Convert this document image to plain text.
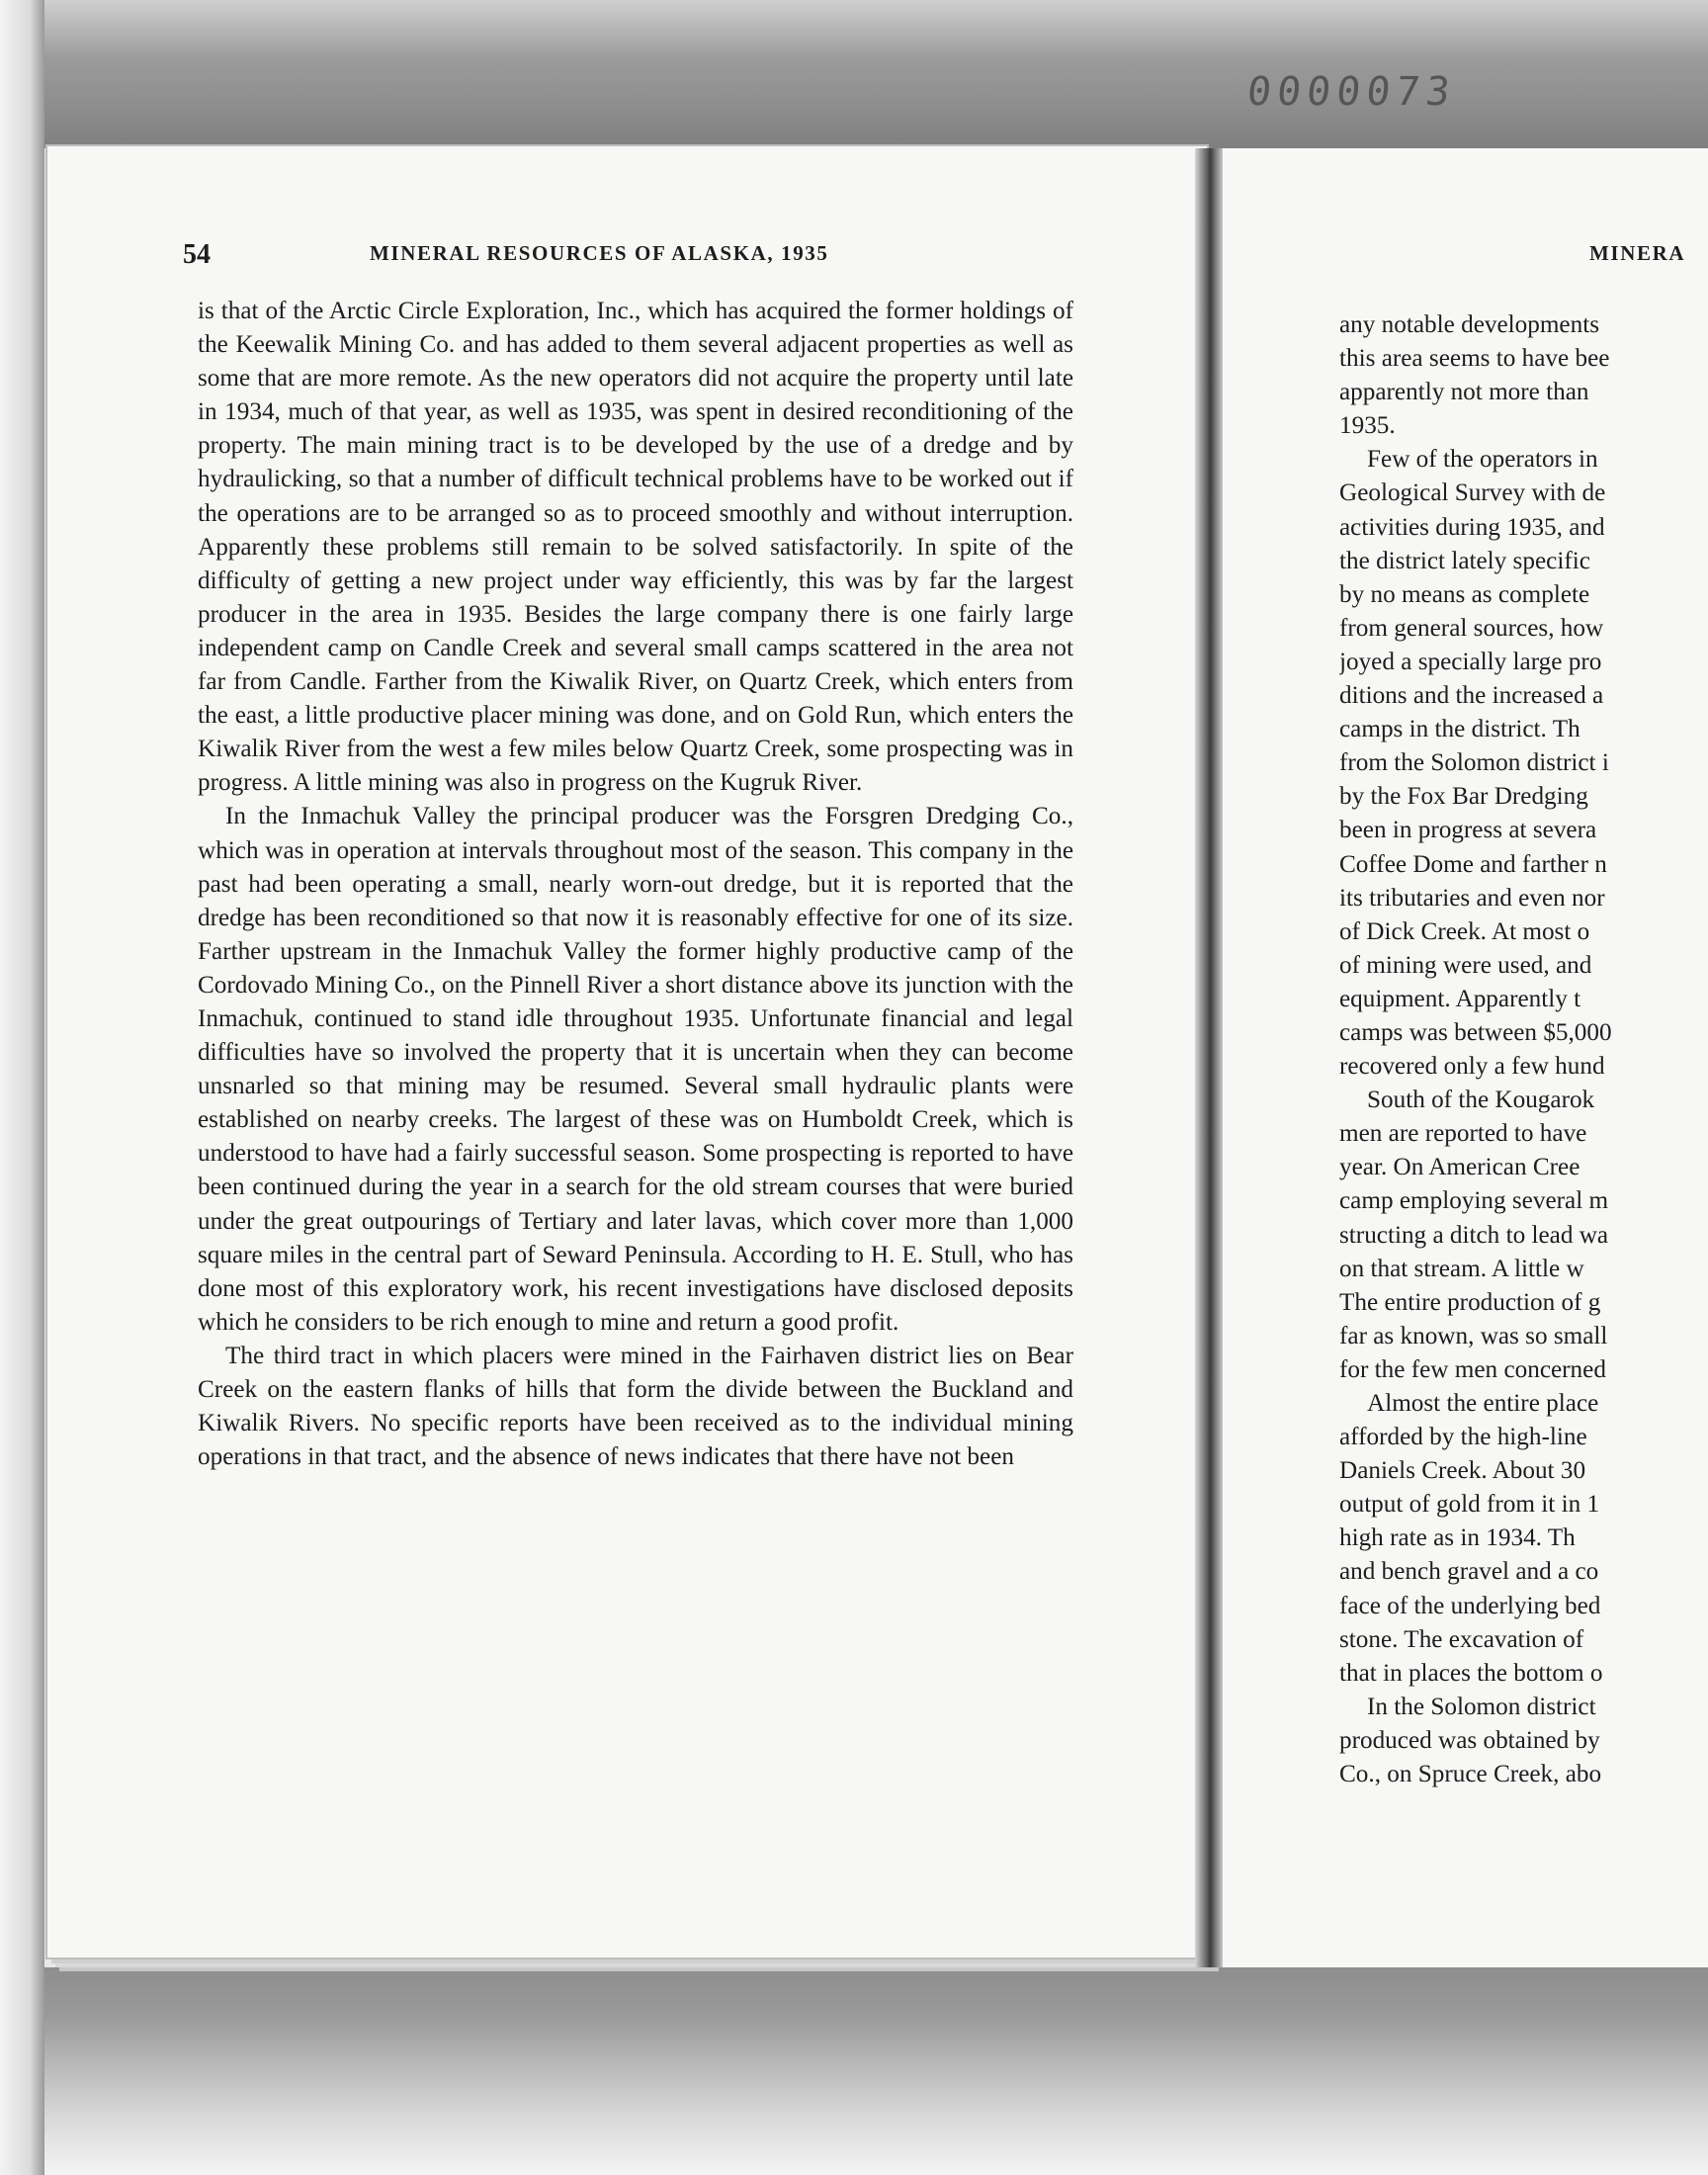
0000073
54	MINERAL RESOURCES OF ALASKA, 1935	MINERA

is that of the Arctic Circle Exploration, Inc., which has acquired the former holdings of the Keewalik Mining Co. and has added to them several adjacent properties as well as some that are more remote. As the new operators did not acquire the property until late in 1934, much of that year, as well as 1935, was spent in desired reconditioning of the property. The main mining tract is to be developed by the use of a dredge and by hydraulicking, so that a number of difficult technical problems have to be worked out if the operations are to be arranged so as to proceed smoothly and without interruption. Apparently these problems still remain to be solved satisfactorily. In spite of the difficulty of getting a new project under way efficiently, this was by far the largest producer in the area in 1935. Besides the large company there is one fairly large independent camp on Candle Creek and several small camps scattered in the area not far from Candle. Farther from the Kiwalik River, on Quartz Creek, which enters from the east, a little productive placer mining was done, and on Gold Run, which enters the Kiwalik River from the west a few miles below Quartz Creek, some prospecting was in progress. A little mining was also in progress on the Kugruk River.

In the Inmachuk Valley the principal producer was the Forsgren Dredging Co., which was in operation at intervals throughout most of the season. This company in the past had been operating a small, nearly worn-out dredge, but it is reported that the dredge has been reconditioned so that now it is reasonably effective for one of its size. Farther upstream in the Inmachuk Valley the former highly productive camp of the Cordovado Mining Co., on the Pinnell River a short distance above its junction with the Inmachuk, continued to stand idle throughout 1935. Unfortunate financial and legal difficulties have so involved the property that it is uncertain when they can become unsnarled so that mining may be resumed. Several small hydraulic plants were established on nearby creeks. The largest of these was on Humboldt Creek, which is understood to have had a fairly successful season. Some prospecting is reported to have been continued during the year in a search for the old stream courses that were buried under the great outpourings of Tertiary and later lavas, which cover more than 1,000 square miles in the central part of Seward Peninsula. According to H. E. Stull, who has done most of this exploratory work, his recent investigations have disclosed deposits which he considers to be rich enough to mine and return a good profit.

The third tract in which placers were mined in the Fairhaven district lies on Bear Creek on the eastern flanks of hills that form the divide between the Buckland and Kiwalik Rivers. No specific reports have been received as to the individual mining operations in that tract, and the absence of news indicates that there have not been

any notable developments
this area seems to have bee
apparently not more than
1935.
Few of the operators in
Geological Survey with de
activities during 1935, and
the district lately specific
by no means as complete
from general sources, how
joyed a specially large pro
ditions and the increased a
camps in the district. Th
from the Solomon district i
by the Fox Bar Dredging
been in progress at severa
Coffee Dome and farther n
its tributaries and even nor
of Dick Creek. At most o
of mining were used, and
equipment. Apparently t
camps was between $5,000
recovered only a few hund
South of the Kougarok
men are reported to have
year. On American Cree
camp employing several m
structing a ditch to lead wa
on that stream. A little w
The entire production of g
far as known, was so small
for the few men concerned
Almost the entire place
afforded by the high-line
Daniels Creek. About 30
output of gold from it in 1
high rate as in 1934. Th
and bench gravel and a co
face of the underlying bed
stone. The excavation of
that in places the bottom o
In the Solomon district
produced was obtained by
Co., on Spruce Creek, abo
